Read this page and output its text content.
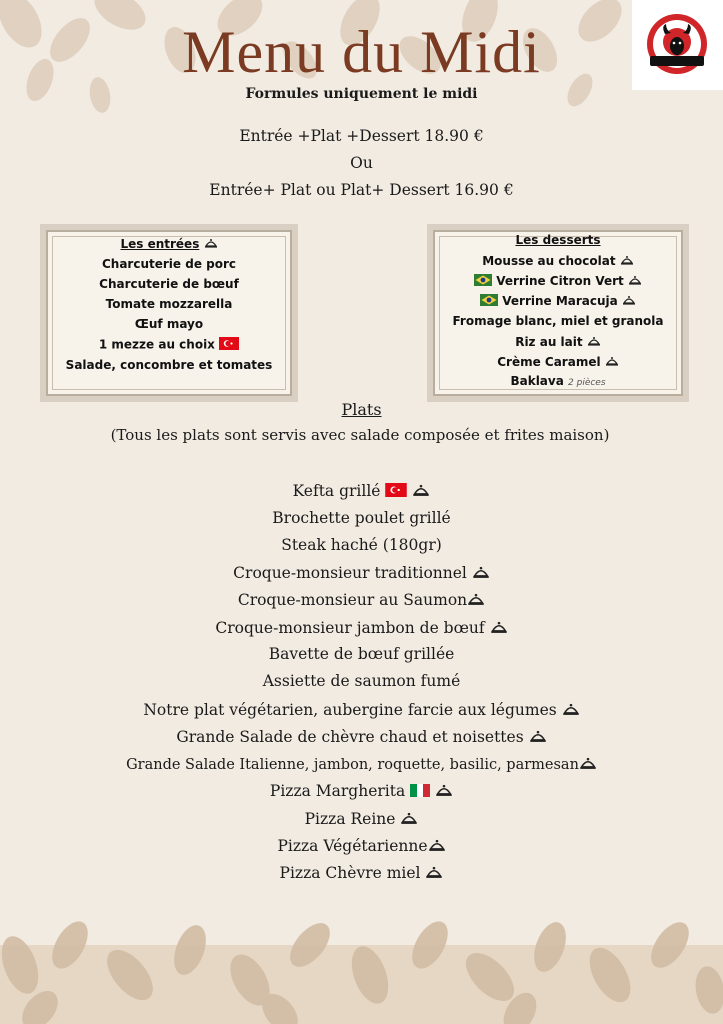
Menu du Midi
Formules uniquement le midi
Entrée +Plat +Dessert 18.90 €
Ou
Entrée+ Plat ou Plat+ Dessert 16.90 €
Les entrées
Charcuterie de porc
Charcuterie de bœuf
Tomate mozzarella
Œuf mayo
1 mezze au choix
Salade, concombre et tomates
Les desserts
Mousse au chocolat
Verrine Citron Vert
Verrine Maracuja
Fromage blanc, miel et granola
Riz au lait
Crème Caramel
Baklava 2 pièces
Plats
(Tous les plats sont servis avec salade composée et frites maison)
Kefta grillé
Brochette poulet grillé
Steak haché (180gr)
Croque-monsieur traditionnel
Croque-monsieur au Saumon
Croque-monsieur jambon de bœuf
Bavette de bœuf grillée
Assiette de saumon fumé
Notre plat végétarien, aubergine farcie aux légumes
Grande Salade de chèvre chaud et noisettes
Grande Salade Italienne, jambon, roquette, basilic, parmesan
Pizza Margherita
Pizza Reine
Pizza Végétarienne
Pizza Chèvre miel
